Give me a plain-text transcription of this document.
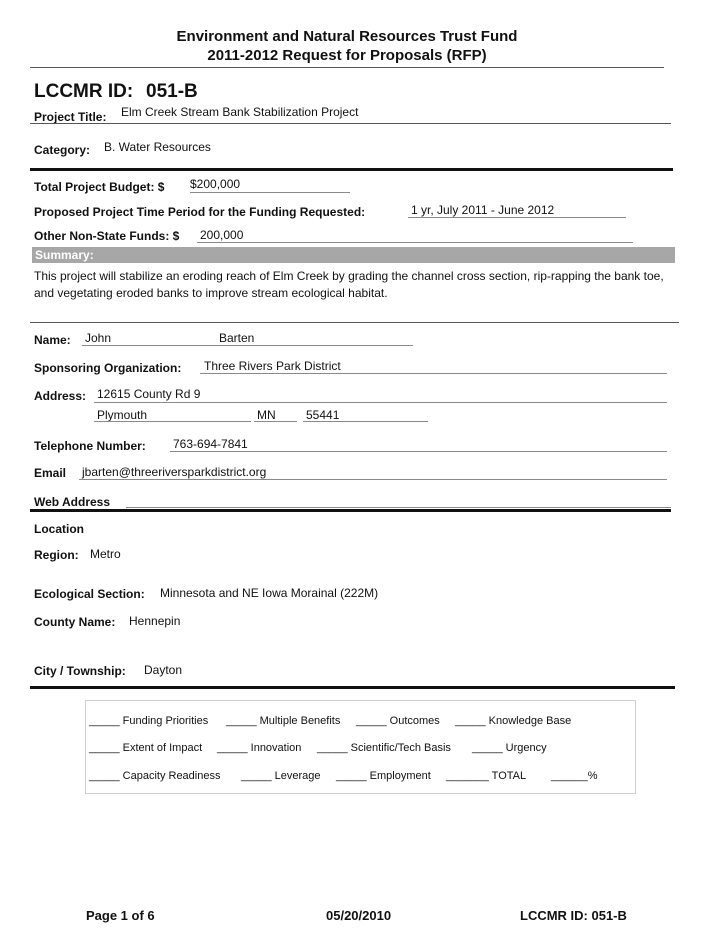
Environment and Natural Resources Trust Fund
2011-2012 Request for Proposals (RFP)
LCCMR ID: 051-B
Project Title: Elm Creek Stream Bank Stabilization Project
Category: B. Water Resources
Total Project Budget: $ $200,000
Proposed Project Time Period for the Funding Requested:	1 yr, July 2011 - June 2012
Other Non-State Funds: $ 200,000
Summary:
This project will stabilize an eroding reach of Elm Creek by grading the channel cross section, rip-rapping the bank toe, and vegetating eroded banks to improve stream ecological habitat.
Name: John	Barten
Sponsoring Organization: Three Rivers Park District
Address: 12615 County Rd 9
Plymouth	MN	55441
Telephone Number: 763-694-7841
Email jbarten@threeriversparkdistrict.org
Web Address
Location
Region: Metro
Ecological Section: Minnesota and NE Iowa Morainal (222M)
County Name: Hennepin
City / Township: Dayton
_____ Funding Priorities _____ Multiple Benefits _____ Outcomes _____ Knowledge Base
_____ Extent of Impact _____ Innovation _____ Scientific/Tech Basis _____ Urgency
_____ Capacity Readiness _____ Leverage _____ Employment _______ TOTAL ______%
Page 1 of 6	05/20/2010	LCCMR ID: 051-B
